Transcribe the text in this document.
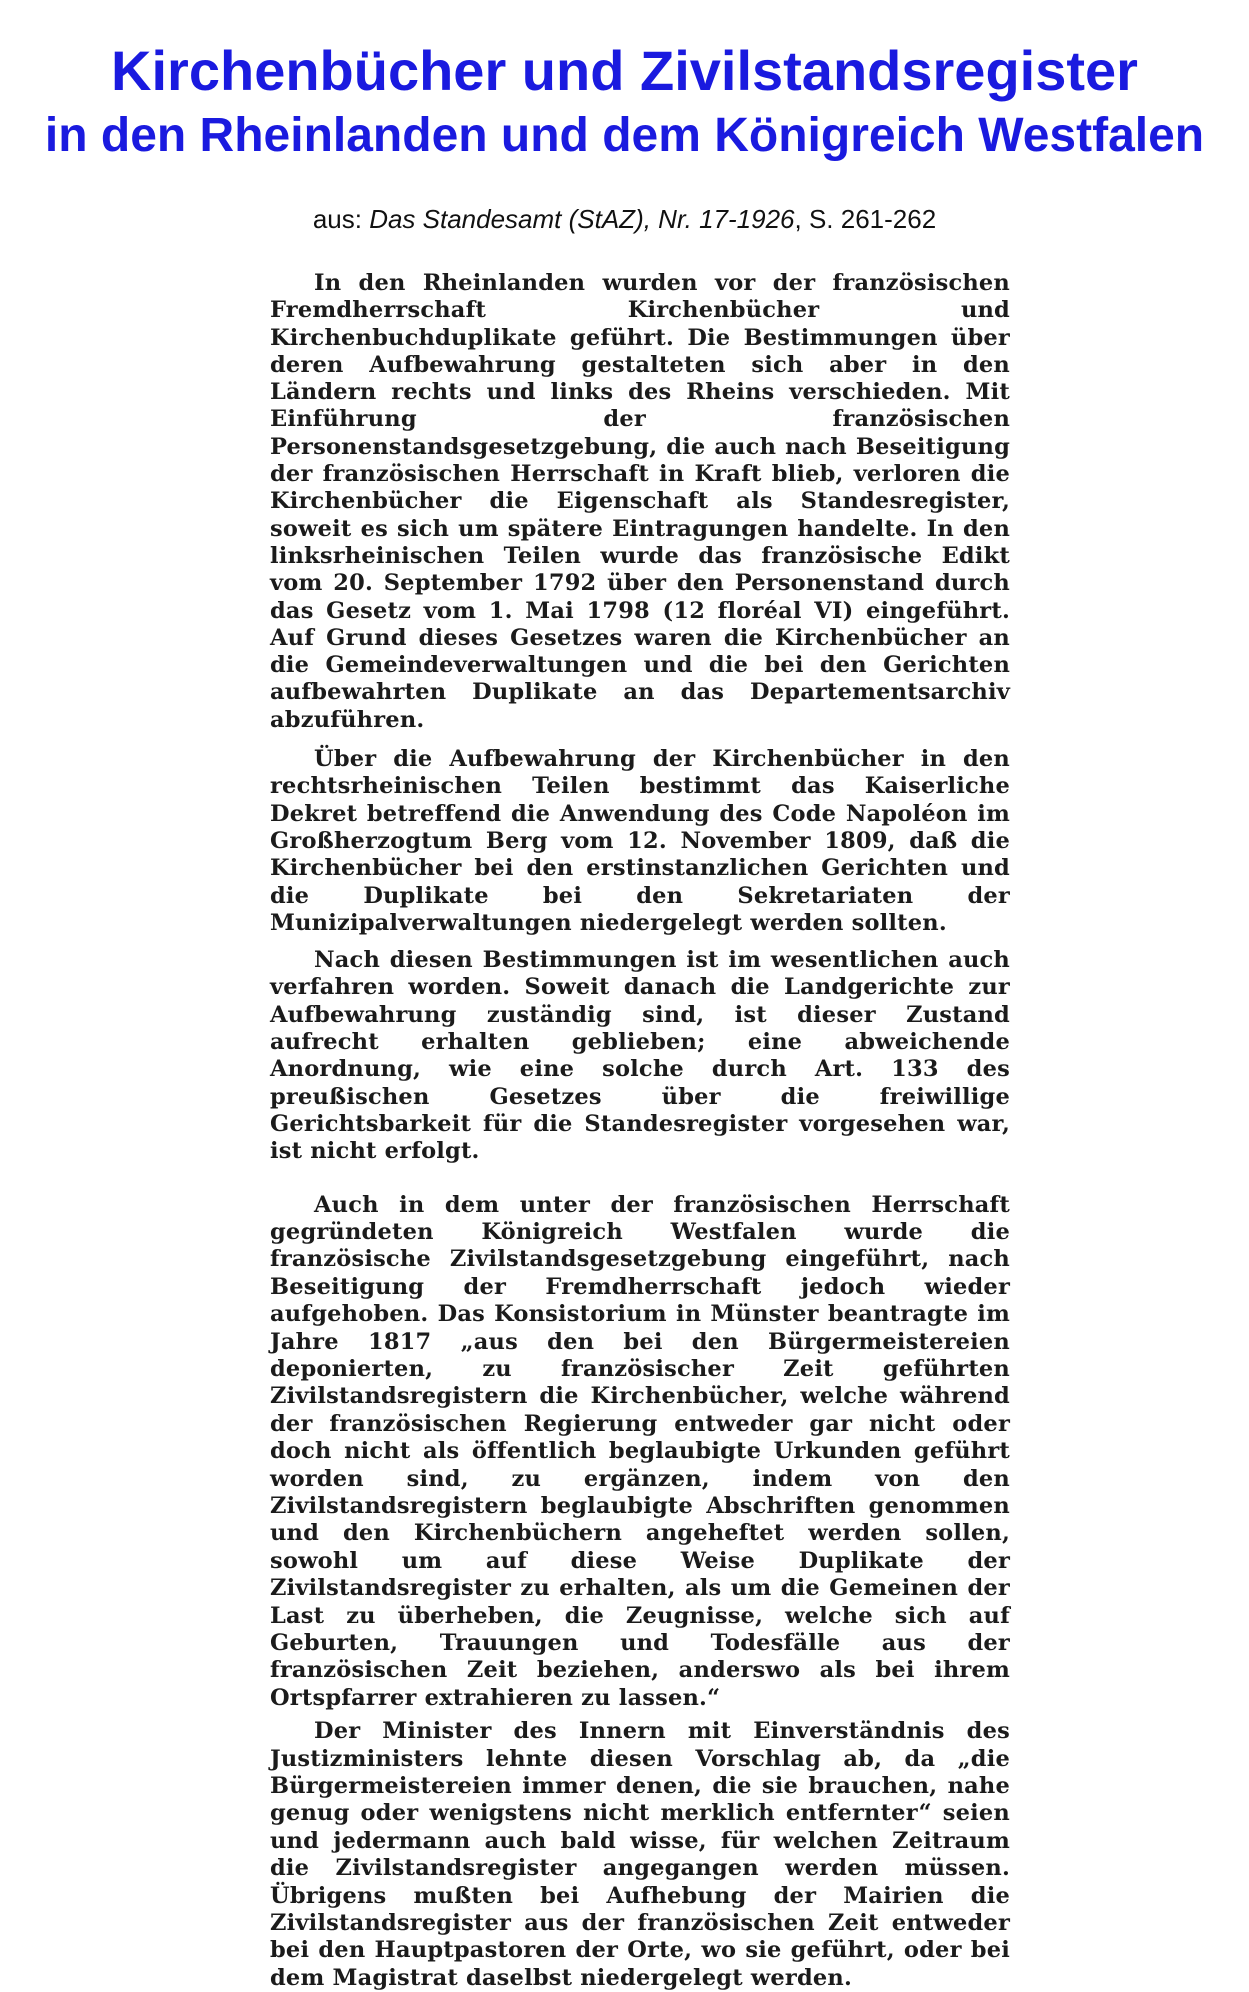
Kirchenbücher und Zivilstandsregister
in den Rheinlanden und dem Königreich Westfalen
aus: Das Standesamt (StAZ), Nr. 17-1926, S. 261-262

In den Rheinlanden wurden vor der französischen Fremdherrschaft Kirchenbücher und Kirchenbuchduplikate geführt. Die Bestimmungen über deren Aufbewahrung gestalteten sich aber in den Ländern rechts und links des Rheins verschieden. Mit Einführung der französischen Personenstandsgesetzgebung, die auch nach Beseitigung der französischen Herrschaft in Kraft blieb, verloren die Kirchenbücher die Eigenschaft als Standesregister, soweit es sich um spätere Eintragungen handelte. In den linksrheinischen Teilen wurde das französische Edikt vom 20. September 1792 über den Personenstand durch das Gesetz vom 1. Mai 1798 (12 floréal VI) eingeführt. Auf Grund dieses Gesetzes waren die Kirchenbücher an die Gemeindeverwaltungen und die bei den Gerichten aufbewahrten Duplikate an das Departementsarchiv abzuführen.

Über die Aufbewahrung der Kirchenbücher in den rechtsrheinischen Teilen bestimmt das Kaiserliche Dekret betreffend die Anwendung des Code Napoléon im Großherzogtum Berg vom 12. November 1809, daß die Kirchenbücher bei den erstinstanzlichen Gerichten und die Duplikate bei den Sekretariaten der Munizipalverwaltungen niedergelegt werden sollten.

Nach diesen Bestimmungen ist im wesentlichen auch verfahren worden. Soweit danach die Landgerichte zur Aufbewahrung zuständig sind, ist dieser Zustand aufrecht erhalten geblieben; eine abweichende Anordnung, wie eine solche durch Art. 133 des preußischen Gesetzes über die freiwillige Gerichtsbarkeit für die Standesregister vorgesehen war, ist nicht erfolgt.

Auch in dem unter der französischen Herrschaft gegründeten Königreich Westfalen wurde die französische Zivilstandsgesetzgebung eingeführt, nach Beseitigung der Fremdherrschaft jedoch wieder aufgehoben. Das Konsistorium in Münster beantragte im Jahre 1817 „aus den bei den Bürgermeistereien deponierten, zu französischer Zeit geführten Zivilstandsregistern die Kirchenbücher, welche während der französischen Regierung entweder gar nicht oder doch nicht als öffentlich beglaubigte Urkunden geführt worden sind, zu ergänzen, indem von den Zivilstandsregistern beglaubigte Abschriften genommen und den Kirchenbüchern angeheftet werden sollen, sowohl um auf diese Weise Duplikate der Zivilstandsregister zu erhalten, als um die Gemeinen der Last zu überheben, die Zeugnisse, welche sich auf Geburten, Trauungen und Todesfälle aus der französischen Zeit beziehen, anderswo als bei ihrem Ortspfarrer extrahieren zu lassen.“

Der Minister des Innern mit Einverständnis des Justizministers lehnte diesen Vorschlag ab, da „die Bürgermeistereien immer denen, die sie brauchen, nahe genug oder wenigstens nicht merklich entfernter“ seien und jedermann auch bald wisse, für welchen Zeitraum die Zivilstandsregister angegangen werden müssen. Übrigens mußten bei Aufhebung der Mairien die Zivilstandsregister aus der französischen Zeit entweder bei den Hauptpastoren der Orte, wo sie geführt, oder bei dem Magistrat daselbst niedergelegt werden.
